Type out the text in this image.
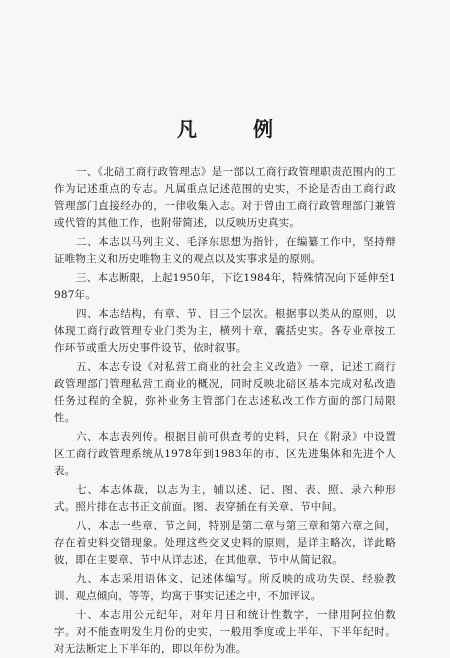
凡	例

一、《北碚工商行政管理志》是一部以工商行政管理职责范围内的工作为记述重点的专志。凡属重点记述范围的史实，不论是否由工商行政管理部门直接经办的，一律收集入志。对于曾由工商行政管理部门兼管或代管的其他工作，也附带简述，以反映历史真实。

二、本志以马列主义、毛泽东思想为指针，在编纂工作中，坚持辩证唯物主义和历史唯物主义的观点以及实事求是的原则。

三、本志断限，上起1950年，下讫1984年，特殊情况向下延伸至1987年。

四、本志结构，有章、节、目三个层次。根据事以类从的原则，以体现工商行政管理专业门类为主，横列十章，囊括史实。各专业章按工作环节或重大历史事件设节，依时叙事。

五、本志专设《对私营工商业的社会主义改造》一章，记述工商行政管理部门管理私营工商业的概况，同时反映北碚区基本完成对私改造任务过程的全貌，弥补业务主管部门在志述私改工作方面的部门局限性。

六、本志表列传。根据目前可供查考的史料，只在《附录》中设置区工商行政管理系统从1978年到1983年的市、区先进集体和先进个人表。

七、本志体裁，以志为主，辅以述、记、图、表、照、录六种形式。照片排在志书正文前面。图、表穿插在有关章、节中间。

八、本志一些章、节之间，特别是第二章与第三章和第六章之间，存在着史料交错现象。处理这些交叉史料的原则，是详主略次，详此略彼，即在主要章、节中从详志述，在其他章、节中从简记叙。

九、本志采用语体文、记述体编写。所反映的成功失误、经验教训、观点倾向，等等，均寓于事实记述之中，不加评议。

十、本志用公元纪年，对年月日和统计性数字，一律用阿拉伯数字。对不能查明发生月份的史实，一般用季度或上半年、下半年纪时。对无法断定上下半年的，即以年份为准。
